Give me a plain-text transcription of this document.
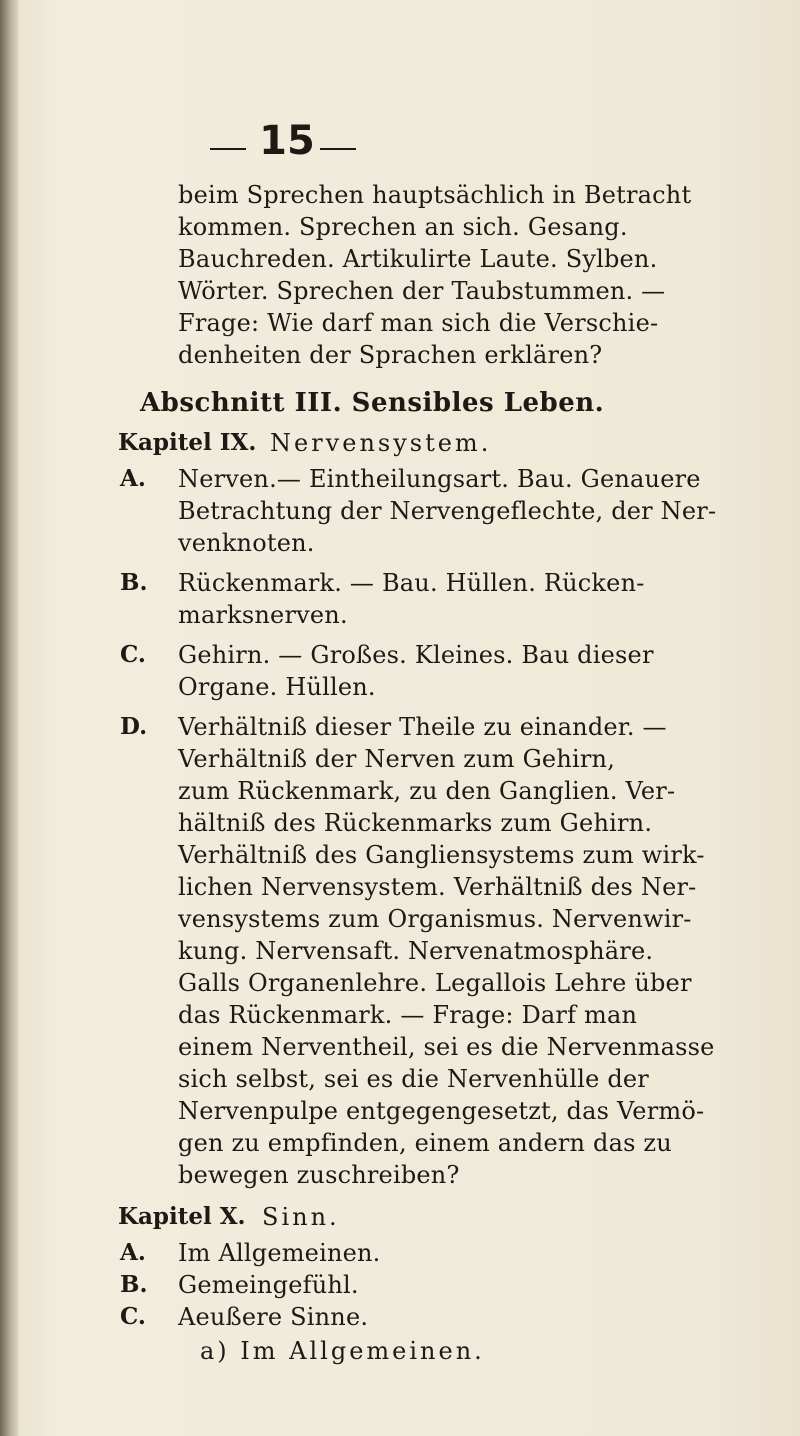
15
beim Sprechen hauptsächlich in Betracht
kommen. Sprechen an sich. Gesang.
Bauchreden. Artikulirte Laute. Sylben.
Wörter. Sprechen der Taubstummen. —
Frage: Wie darf man sich die Verschie-
denheiten der Sprachen erklären?
Abschnitt III. Sensibles Leben.
Kapitel IX. Nervensystem.
A. Nerven.— Eintheilungsart. Bau. Genauere
Betrachtung der Nervengeflechte, der Ner-
venknoten.
B. Rückenmark. — Bau. Hüllen. Rücken-
marksnerven.
C. Gehirn. — Großes. Kleines. Bau dieser
Organe. Hüllen.
D. Verhältniß dieser Theile zu einander. —
Verhältniß der Nerven zum Gehirn,
zum Rückenmark, zu den Ganglien. Ver-
hältniß des Rückenmarks zum Gehirn.
Verhältniß des Gangliensystems zum wirk-
lichen Nervensystem. Verhältniß des Ner-
vensystems zum Organismus. Nervenwir-
kung. Nervensaft. Nervenatmosphäre.
Galls Organenlehre. Legallois Lehre über
das Rückenmark. — Frage: Darf man
einem Nerventheil, sei es die Nervenmasse
sich selbst, sei es die Nervenhülle der
Nervenpulpe entgegengesetzt, das Vermö-
gen zu empfinden, einem andern das zu
bewegen zuschreiben?
Kapitel X. Sinn.
A. Im Allgemeinen.
B. Gemeingefühl.
C. Aeußere Sinne.
a) Im Allgemeinen.
